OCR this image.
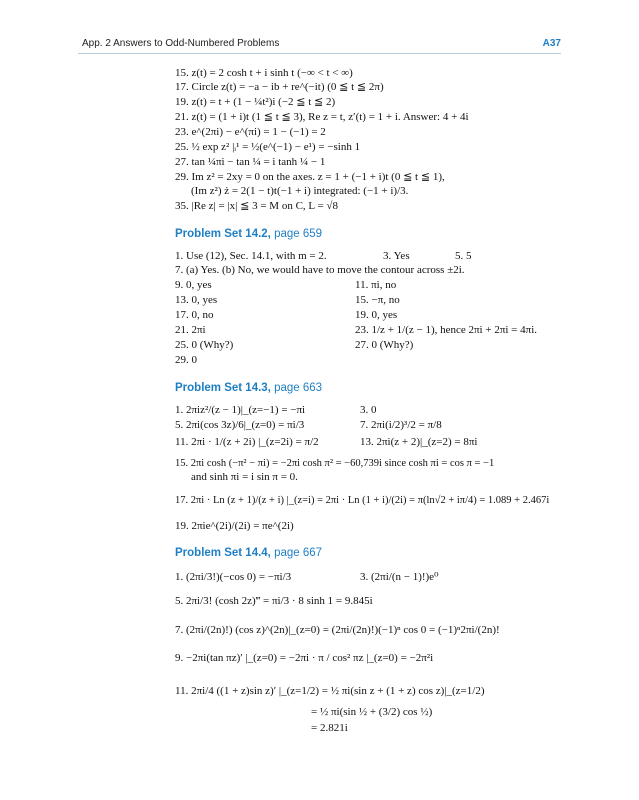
App. 2 Answers to Odd-Numbered Problems	A37
15. z(t) = 2 cosh t + i sinh t (−∞ < t < ∞)
17. Circle z(t) = −a − ib + re^(−it) (0 ≦ t ≦ 2π)
19. z(t) = t + (1 − ¼t²)i (−2 ≦ t ≦ 2)
21. z(t) = (1 + i)t (1 ≦ t ≦ 3), Re z = t, z′(t) = 1 + i. Answer: 4 + 4i
23. e^(2πi) − e^(πi) = 1 − (−1) = 2
25. ½ exp z² |ᵢ¹ = ½(e^(−1) − e¹) = −sinh 1
27. tan ¼πi − tan ¼ = i tanh ¼ − 1
29. Im z² = 2xy = 0 on the axes. z = 1 + (−1 + i)t (0 ≦ t ≦ 1),
(Im z²) ż = 2(1 − t)t(−1 + i) integrated: (−1 + i)/3.
35. |Re z| = |x| ≦ 3 = M on C, L = √8
Problem Set 14.2, page 659
1. Use (12), Sec. 14.1, with m = 2.	3. Yes	5. 5
7. (a) Yes. (b) No, we would have to move the contour across ±2i.
9. 0, yes	11. πi, no
13. 0, yes	15. −π, no
17. 0, no	19. 0, yes
21. 2πi	23. 1/z + 1/(z − 1), hence 2πi + 2πi = 4πi.
25. 0 (Why?)	27. 0 (Why?)
29. 0
Problem Set 14.3, page 663
1. 2πiz²/(z − 1)|_(z=−1) = −πi	3. 0
5. 2πi(cos 3z)/6|_(z=0) = πi/3	7. 2πi(i/2)³/2 = π/8
11. 2πi · 1/(z + 2i) |_(z=2i) = π/2	13. 2πi(z + 2)|_(z=2) = 8πi
15. 2πi cosh (−π² − πi) = −2πi cosh π² = −60,739i since cosh πi = cos π = −1
and sinh πi = i sin π = 0.
17. 2πi · Ln (z + 1)/(z + i) |_(z=i) = 2πi · Ln (1 + i)/(2i) = π(ln√2 + iπ/4) = 1.089 + 2.467i
19. 2πie^(2i)/(2i) = πe^(2i)
Problem Set 14.4, page 667
1. (2πi/3!)(−cos 0) = −πi/3	3. (2πi/(n − 1)!)e⁰
5. 2πi/3! (cosh 2z)‴ = πi/3 · 8 sinh 1 = 9.845i
7. (2πi/(2n)!) (cos z)^(2n)|_(z=0) = (2πi/(2n)!)(−1)ⁿ cos 0 = (−1)ⁿ2πi/(2n)!
9. −2πi(tan πz)′ |_(z=0) = −2πi · π / cos² πz |_(z=0) = −2π²i
11. 2πi/4 ((1 + z)sin z)′ |_(z=1/2) = ½ πi(sin z + (1 + z) cos z)|_(z=1/2)
= ½ πi(sin ½ + (3/2) cos ½)
= 2.821i
